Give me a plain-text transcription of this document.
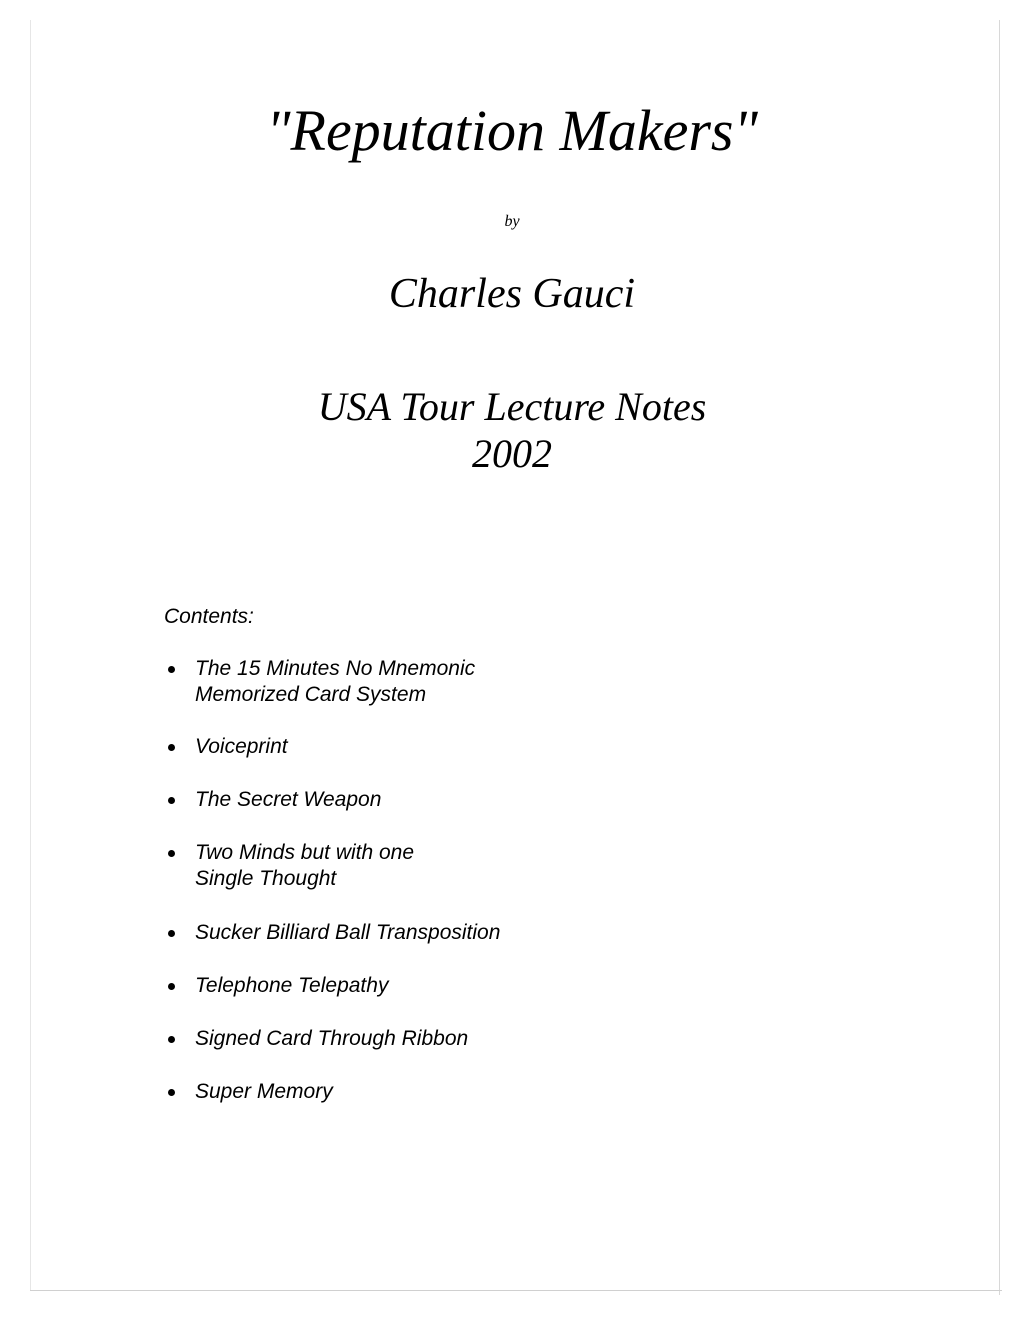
"Reputation Makers"
by
Charles Gauci
USA Tour Lecture Notes
2002
Contents:
The 15 Minutes No Mnemonic
Memorized Card System
Voiceprint
The Secret Weapon
Two Minds but with one
Single Thought
Sucker Billiard Ball Transposition
Telephone Telepathy
Signed Card Through Ribbon
Super Memory
